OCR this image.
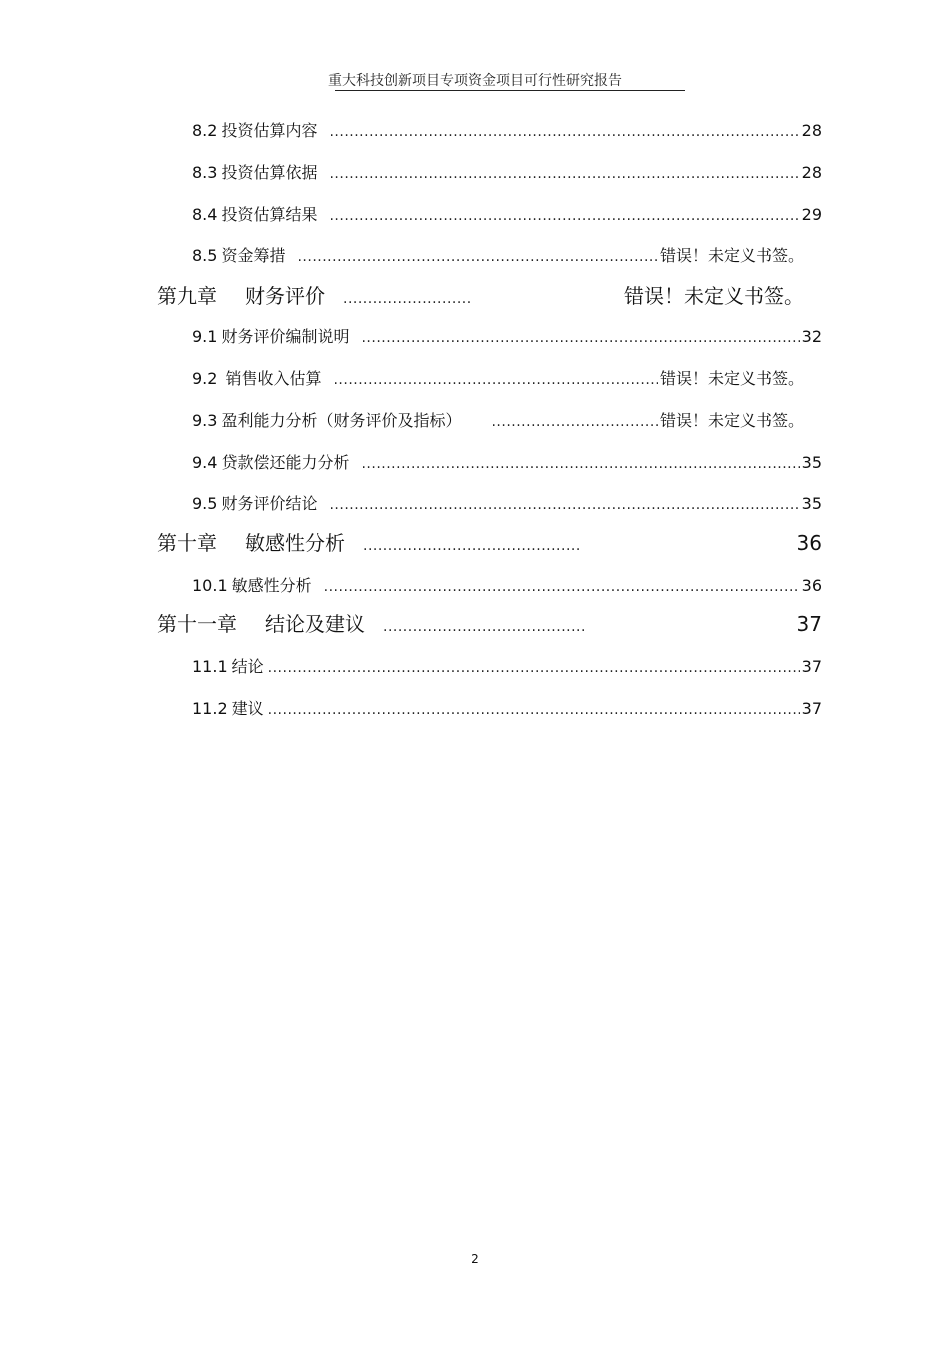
重大科技创新项目专项资金项目可行性研究报告
8.2 投资估算内容 .....	28
8.3 投资估算依据 .....	28
8.4 投资估算结果 .....	29
8.5 资金筹措 .....	错误！未定义书签。
第九章 财务评价 .....	错误！未定义书签。
9.1 财务评价编制说明 .....	32
9.2 销售收入估算 .....	错误！未定义书签。
9.3 盈利能力分析（财务评价及指标） .....	错误！未定义书签。
9.4 贷款偿还能力分析 .....	35
9.5 财务评价结论 .....	35
第十章 敏感性分析 .....	36
10.1 敏感性分析 .....	36
第十一章 结论及建议 .....	37
11.1 结论 .....	37
11.2 建议 .....	37
2
